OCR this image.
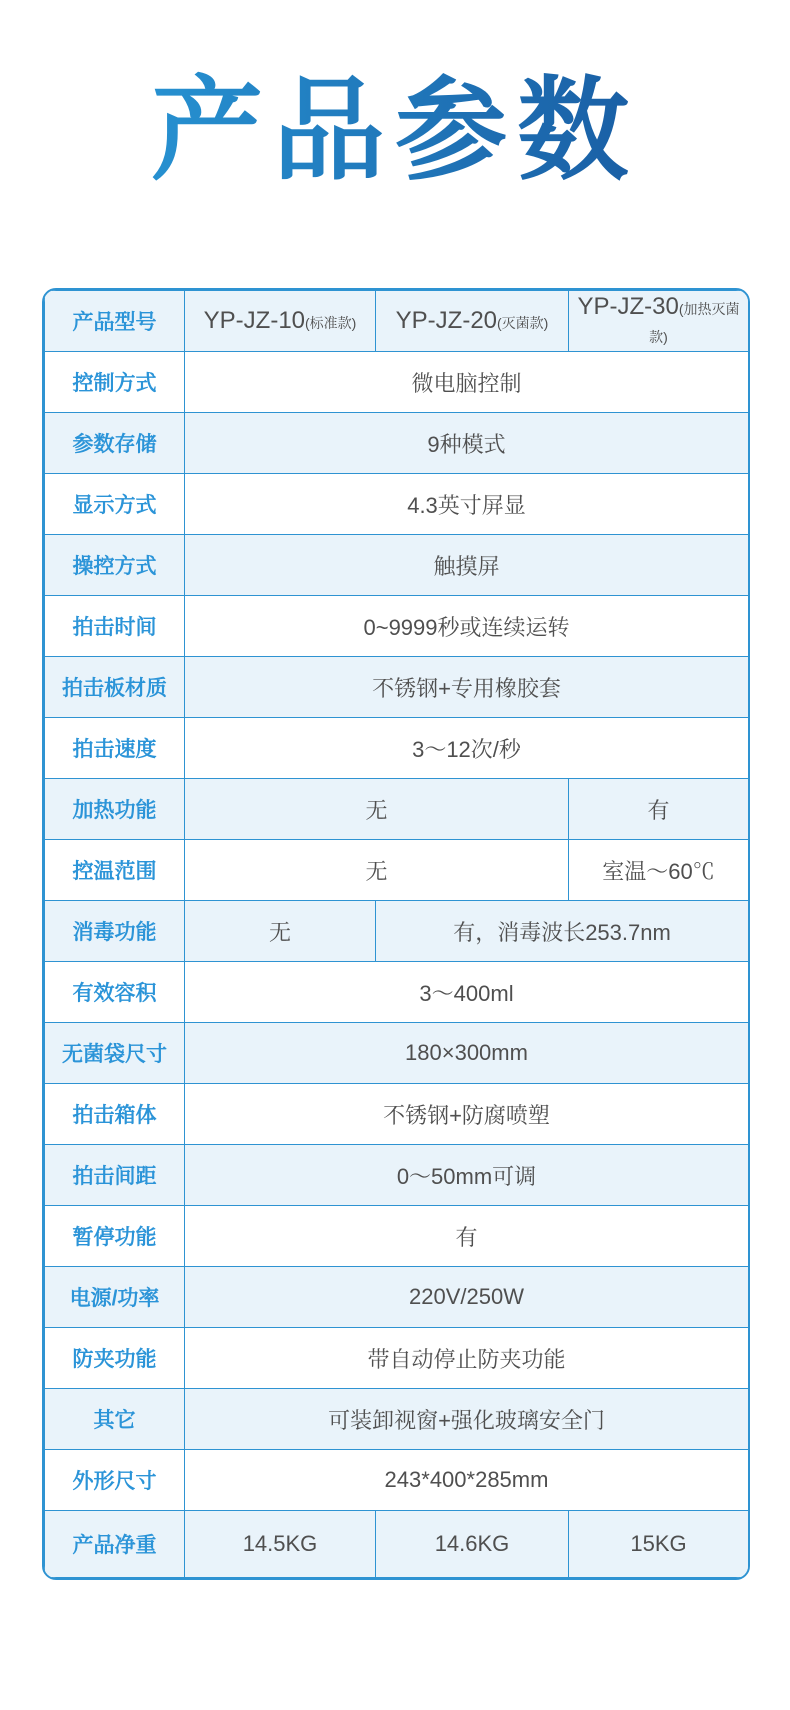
产品参数
产品型号	YP-JZ-10(标准款)	YP-JZ-20(灭菌款)	YP-JZ-30(加热灭菌款)
控制方式	微电脑控制		
参数存储	9种模式		
显示方式	4.3英寸屏显		
操控方式	触摸屏		
拍击时间	0~9999秒或连续运转		
拍击板材质	不锈钢+专用橡胶套		
拍击速度	3～12次/秒		
加热功能	无		有
控温范围	无		室温～60℃
消毒功能	无	有，消毒波长253.7nm	
有效容积	3～400ml		
无菌袋尺寸	180×300mm		
拍击箱体	不锈钢+防腐喷塑		
拍击间距	0～50mm可调		
暂停功能	有		
电源/功率	220V/250W		
防夹功能	带自动停止防夹功能		
其它	可装卸视窗+强化玻璃安全门		
外形尺寸	243*400*285mm		
产品净重	14.5KG	14.6KG	15KG
